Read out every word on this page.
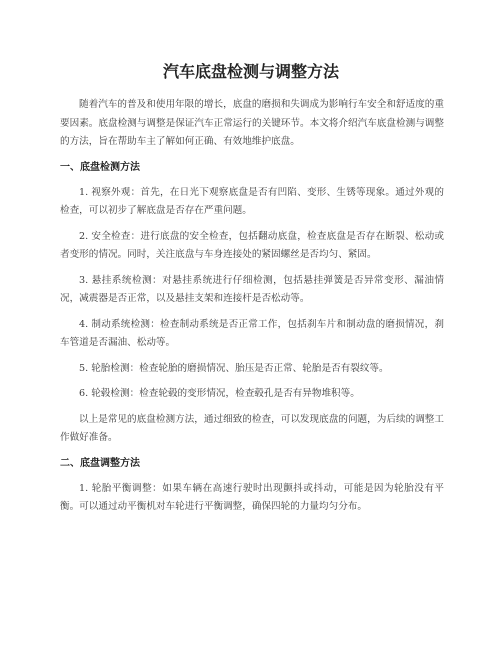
汽车底盘检测与调整方法

随着汽车的普及和使用年限的增长，底盘的磨损和失调成为影响行车安全和舒适度的重要因素。底盘检测与调整是保证汽车正常运行的关键环节。本文将介绍汽车底盘检测与调整的方法，旨在帮助车主了解如何正确、有效地维护底盘。

一、底盘检测方法

1. 视察外观：首先，在日光下观察底盘是否有凹陷、变形、生锈等现象。通过外观的检查，可以初步了解底盘是否存在严重问题。

2. 安全检查：进行底盘的安全检查，包括翻动底盘，检查底盘是否存在断裂、松动或者变形的情况。同时，关注底盘与车身连接处的紧固螺丝是否均匀、紧固。

3. 悬挂系统检测：对悬挂系统进行仔细检测，包括悬挂弹簧是否异常变形、漏油情况，减震器是否正常，以及悬挂支架和连接杆是否松动等。

4. 制动系统检测：检查制动系统是否正常工作，包括刹车片和制动盘的磨损情况，刹车管道是否漏油、松动等。

5. 轮胎检测：检查轮胎的磨损情况、胎压是否正常、轮胎是否有裂纹等。

6. 轮毂检测：检查轮毂的变形情况，检查毂孔是否有异物堆积等。

以上是常见的底盘检测方法，通过细致的检查，可以发现底盘的问题，为后续的调整工作做好准备。

二、底盘调整方法

1. 轮胎平衡调整：如果车辆在高速行驶时出现颤抖或抖动，可能是因为轮胎没有平衡。可以通过动平衡机对车轮进行平衡调整，确保四轮的力量均匀分布。
